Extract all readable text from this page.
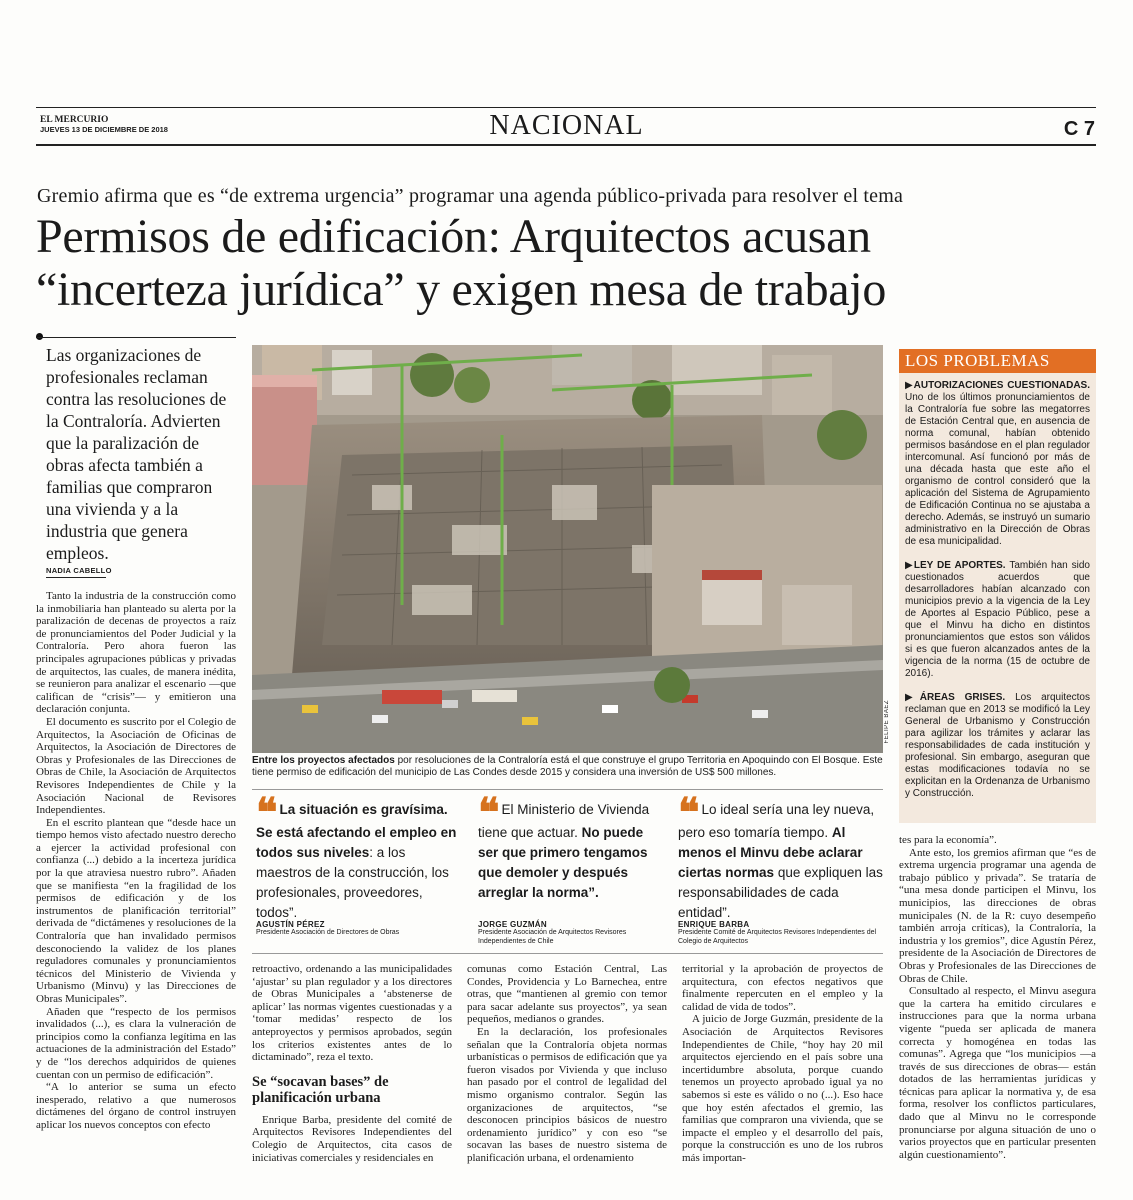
EL MERCURIO
JUEVES 13 DE DICIEMBRE DE 2018	NACIONAL	C 7
Gremio afirma que es “de extrema urgencia” programar una agenda público-privada para resolver el tema
Permisos de edificación: Arquitectos acusan
“incerteza jurídica” y exigen mesa de trabajo
Las organizaciones de profesionales reclaman contra las resoluciones de la Contraloría. Advierten que la paralización de obras afecta también a familias que compraron una vivienda y a la industria que genera empleos.
NADIA CABELLO

Tanto la industria de la construcción como la inmobiliaria han planteado su alerta por la paralización de decenas de proyectos a raíz de pronunciamientos del Poder Judicial y la Contraloría. Pero ahora fueron las principales agrupaciones públicas y privadas de arquitectos, las cuales, de manera inédita, se reunieron para analizar el escenario —que califican de “crisis”— y emitieron una declaración conjunta.

El documento es suscrito por el Colegio de Arquitectos, la Asociación de Oficinas de Arquitectos, la Asociación de Directores de Obras y Profesionales de las Direcciones de Obras de Chile, la Asociación de Arquitectos Revisores Independientes de Chile y la Asociación Nacional de Revisores Independientes.

En el escrito plantean que “desde hace un tiempo hemos visto afectado nuestro derecho a ejercer la actividad profesional con confianza (...) debido a la incerteza jurídica por la que atraviesa nuestro rubro”. Añaden que se manifiesta “en la fragilidad de los permisos de edificación y de los instrumentos de planificación territorial” derivada de “dictámenes y resoluciones de la Contraloría que han invalidado permisos desconociendo la validez de los planes reguladores comunales y pronunciamientos técnicos del Ministerio de Vivienda y Urbanismo (Minvu) y las Direcciones de Obras Municipales”.

Añaden que “respecto de los permisos invalidados (...), es clara la vulneración de principios como la confianza legítima en las actuaciones de la administración del Estado” y de “los derechos adquiridos de quienes cuentan con un permiso de edificación”.

“A lo anterior se suma un efecto inesperado, relativo a que numerosos dictámenes del órgano de control instruyen aplicar los nuevos conceptos con efecto

FELIPE BAEZ
Entre los proyectos afectados por resoluciones de la Contraloría está el que construye el grupo Territoria en Apoquindo con El Bosque. Este tiene permiso de edificación del municipio de Las Condes desde 2015 y considera una inversión de US$ 500 millones.
❝ La situación es gravísima. Se está afectando el empleo en todos sus niveles: a los maestros de la construcción, los profesionales, proveedores, todos”.
AGUSTÍN PÉREZ
Presidente Asociación de Directores de Obras
❝ El Ministerio de Vivienda tiene que actuar. No puede ser que primero tengamos que demoler y después arreglar la norma”.
JORGE GUZMÁN
Presidente Asociación de Arquitectos Revisores Independientes de Chile
❝ Lo ideal sería una ley nueva, pero eso tomaría tiempo. Al menos el Minvu debe aclarar ciertas normas que expliquen las responsabilidades de cada entidad”.
ENRIQUE BARBA
Presidente Comité de Arquitectos Revisores Independientes del Colegio de Arquitectos

retroactivo, ordenando a las municipalidades ‘ajustar’ su plan regulador y a los directores de Obras Municipales a ‘abstenerse de aplicar’ las normas vigentes cuestionadas y a ‘tomar medidas’ respecto de los anteproyectos y permisos aprobados, según los criterios existentes antes de lo dictaminado”, reza el texto.

Se “socavan bases” de planificación urbana

Enrique Barba, presidente del comité de Arquitectos Revisores Independientes del Colegio de Arquitectos, cita casos de iniciativas comerciales y residenciales en

comunas como Estación Central, Las Condes, Providencia y Lo Barnechea, entre otras, que “mantienen al gremio con temor para sacar adelante sus proyectos”, ya sean pequeños, medianos o grandes.

En la declaración, los profesionales señalan que la Contraloría objeta normas urbanísticas o permisos de edificación que ya fueron visados por Vivienda y que incluso han pasado por el control de legalidad del mismo organismo contralor. Según las organizaciones de arquitectos, “se desconocen principios básicos de nuestro ordenamiento jurídico” y con eso “se socavan las bases de nuestro sistema de planificación urbana, el ordenamiento

territorial y la aprobación de proyectos de arquitectura, con efectos negativos que finalmente repercuten en el empleo y la calidad de vida de todos”.

A juicio de Jorge Guzmán, presidente de la Asociación de Arquitectos Revisores Independientes de Chile, “hoy hay 20 mil arquitectos ejerciendo en el país sobre una incertidumbre absoluta, porque cuando tenemos un proyecto aprobado igual ya no sabemos si este es válido o no (...). Eso hace que hoy estén afectados el gremio, las familias que compraron una vivienda, que se impacte el empleo y el desarrollo del país, porque la construcción es uno de los rubros más importan-

tes para la economía”.

Ante esto, los gremios afirman que “es de extrema urgencia programar una agenda de trabajo público y privada”. Se trataría de “una mesa donde participen el Minvu, los municipios, las direcciones de obras municipales (N. de la R: cuyo desempeño también arroja críticas), la Contraloría, la industria y los gremios”, dice Agustín Pérez, presidente de la Asociación de Directores de Obras y Profesionales de las Direcciones de Obras de Chile.

Consultado al respecto, el Minvu asegura que la cartera ha emitido circulares e instrucciones para que la norma urbana vigente “pueda ser aplicada de manera correcta y homogénea en todas las comunas”. Agrega que “los municipios —a través de sus direcciones de obras— están dotados de las herramientas jurídicas y técnicas para aplicar la normativa y, de esa forma, resolver los conflictos particulares, dado que al Minvu no le corresponde pronunciarse por alguna situación de uno o varios proyectos que en particular presenten algún cuestionamiento”.

LOS PROBLEMAS
▶AUTORIZACIONES CUESTIONADAS. Uno de los últimos pronunciamientos de la Contraloría fue sobre las megatorres de Estación Central que, en ausencia de norma comunal, habían obtenido permisos basándose en el plan regulador intercomunal. Así funcionó por más de una década hasta que este año el organismo de control consideró que la aplicación del Sistema de Agrupamiento de Edificación Continua no se ajustaba a derecho. Además, se instruyó un sumario administrativo en la Dirección de Obras de esa municipalidad.
▶LEY DE APORTES. También han sido cuestionados acuerdos que desarrolladores habían alcanzado con municipios previo a la vigencia de la Ley de Aportes al Espacio Público, pese a que el Minvu ha dicho en distintos pronunciamientos que estos son válidos si es que fueron alcanzados antes de la vigencia de la norma (15 de octubre de 2016).
▶ÁREAS GRISES. Los arquitectos reclaman que en 2013 se modificó la Ley General de Urbanismo y Construcción para agilizar los trámites y aclarar las responsabilidades de cada institución y profesional. Sin embargo, aseguran que estas modificaciones todavía no se explicitan en la Ordenanza de Urbanismo y Construcción.
